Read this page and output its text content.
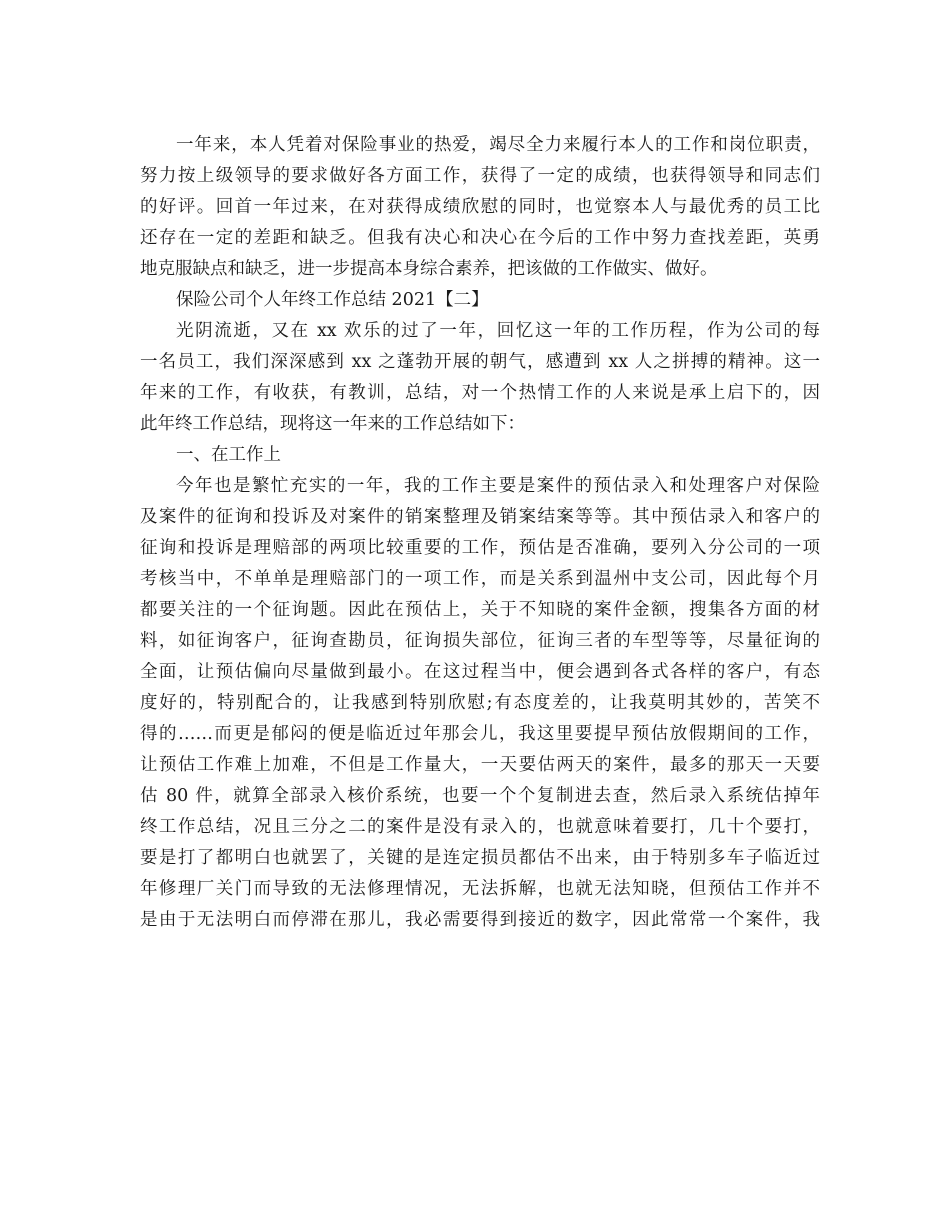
一年来，本人凭着对保险事业的热爱，竭尽全力来履行本人的工作和岗位职责，
努力按上级领导的要求做好各方面工作，获得了一定的成绩，也获得领导和同志们
的好评。回首一年过来，在对获得成绩欣慰的同时，也觉察本人与最优秀的员工比
还存在一定的差距和缺乏。但我有决心和决心在今后的工作中努力查找差距，英勇
地克服缺点和缺乏，进一步提高本身综合素养，把该做的工作做实、做好。
保险公司个人年终工作总结 2021【二】
光阴流逝，又在 xx 欢乐的过了一年，回忆这一年的工作历程，作为公司的每
一名员工，我们深深感到 xx 之蓬勃开展的朝气，感遭到 xx 人之拼搏的精神。这一
年来的工作，有收获，有教训，总结，对一个热情工作的人来说是承上启下的，因
此年终工作总结，现将这一年来的工作总结如下：
一、在工作上
今年也是繁忙充实的一年，我的工作主要是案件的预估录入和处理客户对保险
及案件的征询和投诉及对案件的销案整理及销案结案等等。其中预估录入和客户的
征询和投诉是理赔部的两项比较重要的工作，预估是否准确，要列入分公司的一项
考核当中，不单单是理赔部门的一项工作，而是关系到温州中支公司，因此每个月
都要关注的一个征询题。因此在预估上，关于不知晓的案件金额，搜集各方面的材
料，如征询客户，征询查勘员，征询损失部位，征询三者的车型等等，尽量征询的
全面，让预估偏向尽量做到最小。在这过程当中，便会遇到各式各样的客户，有态
度好的，特别配合的，让我感到特别欣慰;有态度差的，让我莫明其妙的，苦笑不
得的……而更是郁闷的便是临近过年那会儿，我这里要提早预估放假期间的工作，
让预估工作难上加难，不但是工作量大，一天要估两天的案件，最多的那天一天要
估 80 件，就算全部录入核价系统，也要一个个复制进去查，然后录入系统估掉年
终工作总结，况且三分之二的案件是没有录入的，也就意味着要打，几十个要打，
要是打了都明白也就罢了，关键的是连定损员都估不出来，由于特别多车子临近过
年修理厂关门而导致的无法修理情况，无法拆解，也就无法知晓，但预估工作并不
是由于无法明白而停滞在那儿，我必需要得到接近的数字，因此常常一个案件，我
